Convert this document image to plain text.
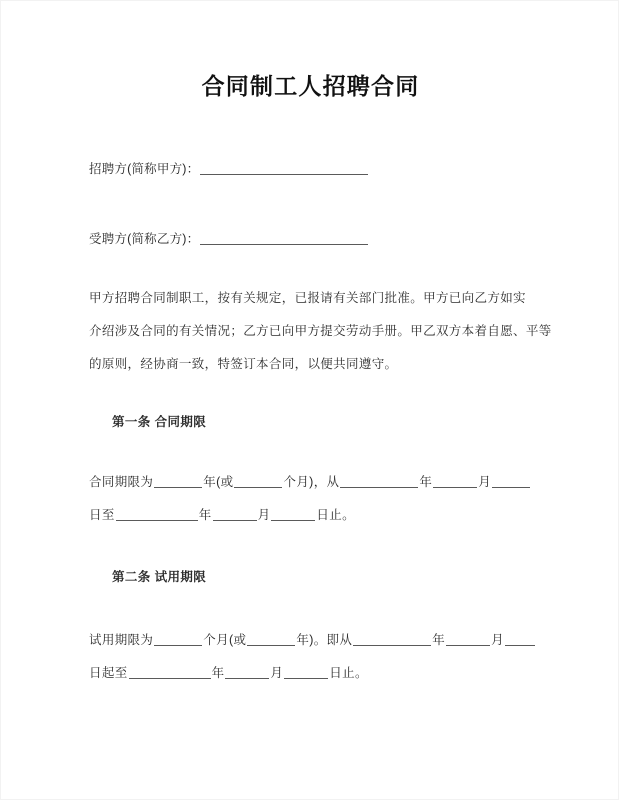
合同制工人招聘合同
招聘方(简称甲方)：
受聘方(简称乙方)：
甲方招聘合同制职工，按有关规定，已报请有关部门批准。甲方已向乙方如实
介绍涉及合同的有关情况；乙方已向甲方提交劳动手册。甲乙双方本着自愿、平等
的原则，经协商一致，特签订本合同，以便共同遵守。
第一条 合同期限
合同期限为	年(或	个月)，从	年	月
日至	年	月	日止。
第二条 试用期限
试用期限为	个月(或	年)。即从	年	月
日起至	年	月	日止。
